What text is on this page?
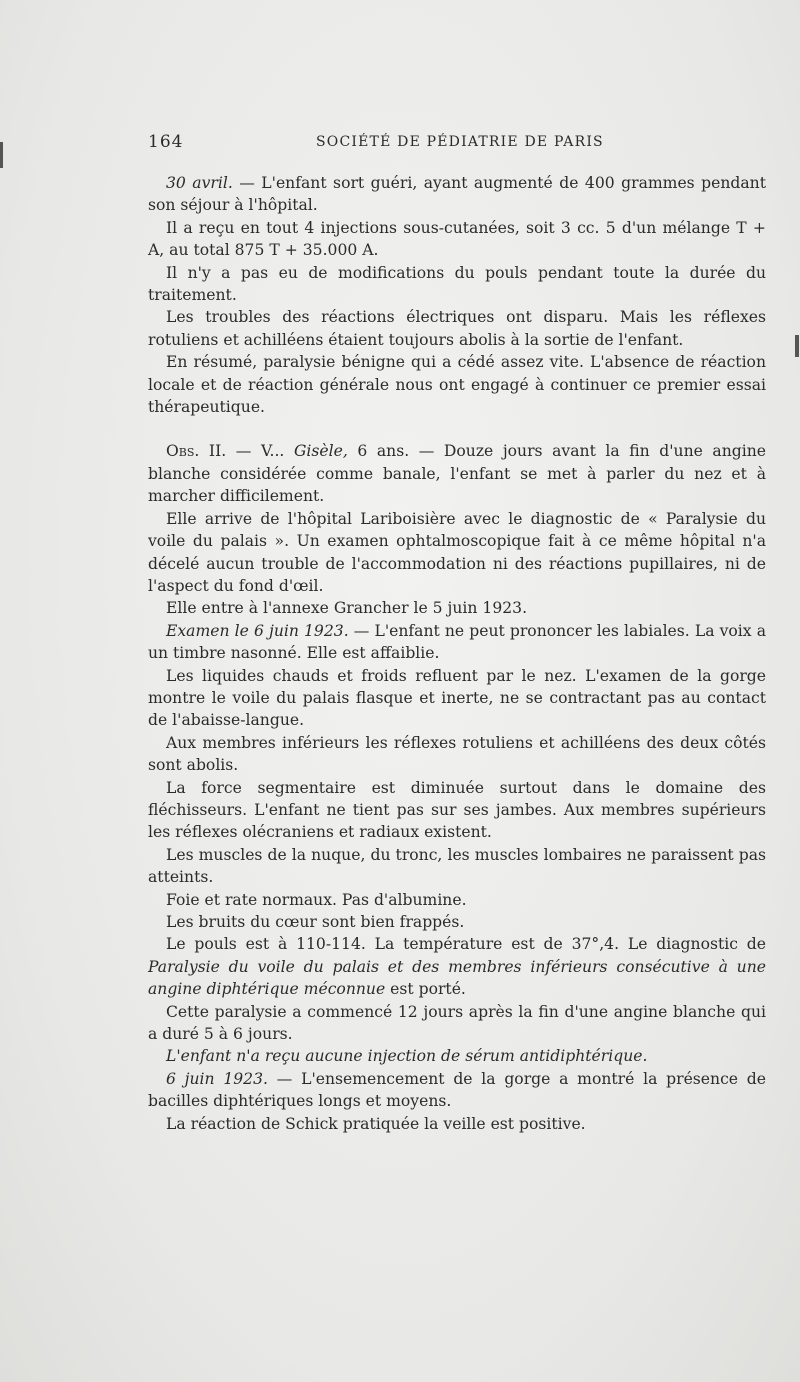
164	SOCIÉTÉ DE PÉDIATRIE DE PARIS

30 avril. — L'enfant sort guéri, ayant augmenté de 400 grammes pendant son séjour à l'hôpital.

Il a reçu en tout 4 injections sous-cutanées, soit 3 cc. 5 d'un mélange T + A, au total 875 T + 35.000 A.

Il n'y a pas eu de modifications du pouls pendant toute la durée du traitement.

Les troubles des réactions électriques ont disparu. Mais les réflexes rotuliens et achilléens étaient toujours abolis à la sortie de l'enfant.

En résumé, paralysie bénigne qui a cédé assez vite. L'absence de réaction locale et de réaction générale nous ont engagé à continuer ce premier essai thérapeutique.

Obs. II. — V... Gisèle, 6 ans. — Douze jours avant la fin d'une angine blanche considérée comme banale, l'enfant se met à parler du nez et à marcher difficilement.

Elle arrive de l'hôpital Lariboisière avec le diagnostic de « Paralysie du voile du palais ». Un examen ophtalmoscopique fait à ce même hôpital n'a décelé aucun trouble de l'accommodation ni des réactions pupillaires, ni de l'aspect du fond d'œil.

Elle entre à l'annexe Grancher le 5 juin 1923.

Examen le 6 juin 1923. — L'enfant ne peut prononcer les labiales. La voix a un timbre nasonné. Elle est affaiblie.

Les liquides chauds et froids refluent par le nez. L'examen de la gorge montre le voile du palais flasque et inerte, ne se contractant pas au contact de l'abaisse-langue.

Aux membres inférieurs les réflexes rotuliens et achilléens des deux côtés sont abolis.

La force segmentaire est diminuée surtout dans le domaine des fléchisseurs. L'enfant ne tient pas sur ses jambes. Aux membres supérieurs les réflexes olécraniens et radiaux existent.

Les muscles de la nuque, du tronc, les muscles lombaires ne paraissent pas atteints.

Foie et rate normaux. Pas d'albumine.

Les bruits du cœur sont bien frappés.

Le pouls est à 110-114. La température est de 37°,4. Le diagnostic de Paralysie du voile du palais et des membres inférieurs consécutive à une angine diphtérique méconnue est porté.

Cette paralysie a commencé 12 jours après la fin d'une angine blanche qui a duré 5 à 6 jours.

L'enfant n'a reçu aucune injection de sérum antidiphtérique.

6 juin 1923. — L'ensemencement de la gorge a montré la présence de bacilles diphtériques longs et moyens.

La réaction de Schick pratiquée la veille est positive.
